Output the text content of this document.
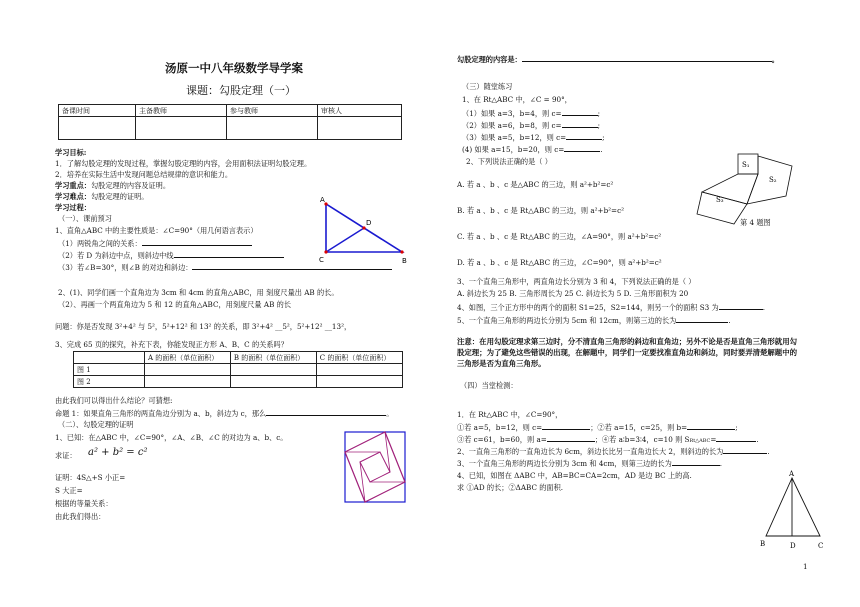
汤原一中八年级数学导学案
课题：勾股定理（一）
备课时间	主备教师	参与教师	审核人

学习目标:
1．了解勾股定理的发现过程，掌握勾股定理的内容，会用面积法证明勾股定理。
2．培养在实际生活中发现问题总结规律的意识和能力。
学习重点：勾股定理的内容及证明。
学习难点：勾股定理的证明。
学习过程：
（一）、课前预习
1、直角△ABC 中的主要性质是：∠C=90°（用几何语言表示）
（1）两锐角之间的关系：
（2）若 D 为斜边中点，则斜边中线
（3）若∠B=30°，则∠B 的对边和斜边：
A
C	B
D
2、(1)、同学们画一个直角边为 3cm 和 4cm 的直角△ABC，用 刻度尺量出 AB 的长。
（2）、再画一个两直角边为 5 和 12 的直角△ABC，用刻度尺量 AB 的长
问题：你是否发现 3²+4² 与 5²，5²+12² 和 13² 的关系，即 3²+4² __5²，5²+12² __13²，
3、完成 65 页的探究，补充下表，你能发现正方形 A、B、C 的关系吗？
	A 的面积（单位面积）	B 的面积（单位面积）	C 的面积（单位面积）
图 1			
图 2			
由此我们可以得出什么结论？可猜想:
命题 1：如果直角三角形的两直角边分别为 a、b，斜边为 c，那么	。
（二）、勾股定理的证明
1、已知：在△ABC 中，∠C=90°，∠A、∠B、∠C 的对边为 a、b、c。
求证： a² + b² = c²
证明：4S△+S 小正=
S 大正=
根据的等量关系：
由此我们得出：
勾股定理的内容是：	。
（三）随堂练习
1、在 Rt△ABC 中，∠C = 90°，
（1）如果 a=3，b=4，则 c=	;
（2）如果 a=6，b=8，则 c=	;
（3）如果 a=5，b=12，则 c=	;
(4) 如果 a=15，b=20，则 c=	.
2、下列说法正确的是（ ）
A. 若 a 、b 、c 是△ABC 的三边，则 a²+b²=c²
B. 若 a 、b 、c 是 Rt△ABC 的三边，则 a²+b²=c²
C. 若 a 、b 、c 是 Rt△ABC 的三边，∠A=90°，则 a²+b²=c²
D. 若 a 、b 、c 是 Rt△ABC 的三边，∠C=90°，则 a²+b²=c²
S₁
S₂
S₃
第 4 题图
3、一个直角三角形中，两直角边长分别为 3 和 4，下列说法正确的是（ ）
A. 斜边长为 25 B. 三角形周长为 25 C. 斜边长为 5 D. 三角形面积为 20
4、如图，三个正方形中的两个的面积 S1=25，S2=144，则另一个的面积 S3 为	.
5、一个直角三角形的两边长分别为 5cm 和 12cm，则第三边的长为	.
注意：在用勾股定理求第三边时，分不清直角三角形的斜边和直角边；另外不论是否是直角三角形就用勾股定理；为了避免这些错误的出现，在解题中，同学们一定要找准直角边和斜边，同时要弄清楚解题中的三角形是否为直角三角形。
（四）当堂检测：
1．在 Rt△ABC 中，∠C=90°，
①若 a=5，b=12，则 c=	；②若 a=15，c=25，则 b=	;
③若 c=61，b=60，则 a=	；④若 a∶b=3∶4，c=10 则 SRt△ABC=	.
2、一直角三角形的一直角边长为 6cm，斜边长比另一直角边长大 2，则斜边的长为	.
3、一个直角三角形的两边长分别为 3cm 和 4cm，则第三边的长为	.
4、已知，如图在 ΔABC 中，AB=BC=CA=2cm，AD 是边 BC 上的高.
求 ①AD 的长；②ΔABC 的面积.
A
B	D	C
1
